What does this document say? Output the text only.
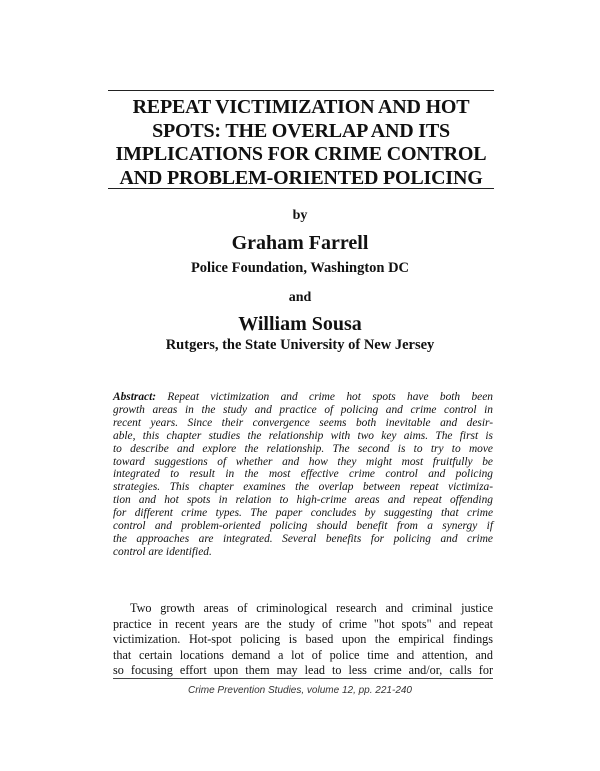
REPEAT VICTIMIZATION AND HOT
SPOTS: THE OVERLAP AND ITS
IMPLICATIONS FOR CRIME CONTROL
AND PROBLEM-ORIENTED POLICING
by
Graham Farrell
Police Foundation, Washington DC
and
William Sousa
Rutgers, the State University of New Jersey
Abstract: Repeat victimization and crime hot spots have both been
growth areas in the study and practice of policing and crime control in
recent years. Since their convergence seems both inevitable and desir-
able, this chapter studies the relationship with two key aims. The first is
to describe and explore the relationship. The second is to try to move
toward suggestions of whether and how they might most fruitfully be
integrated to result in the most effective crime control and policing
strategies. This chapter examines the overlap between repeat victimiza-
tion and hot spots in relation to high-crime areas and repeat offending
for different crime types. The paper concludes by suggesting that crime
control and problem-oriented policing should benefit from a synergy if
the approaches are integrated. Several benefits for policing and crime
control are identified.
Two growth areas of criminological research and criminal justice
practice in recent years are the study of crime "hot spots" and repeat
victimization. Hot-spot policing is based upon the empirical findings
that certain locations demand a lot of police time and attention, and
so focusing effort upon them may lead to less crime and/or, calls for
Crime Prevention Studies, volume 12, pp. 221-240
